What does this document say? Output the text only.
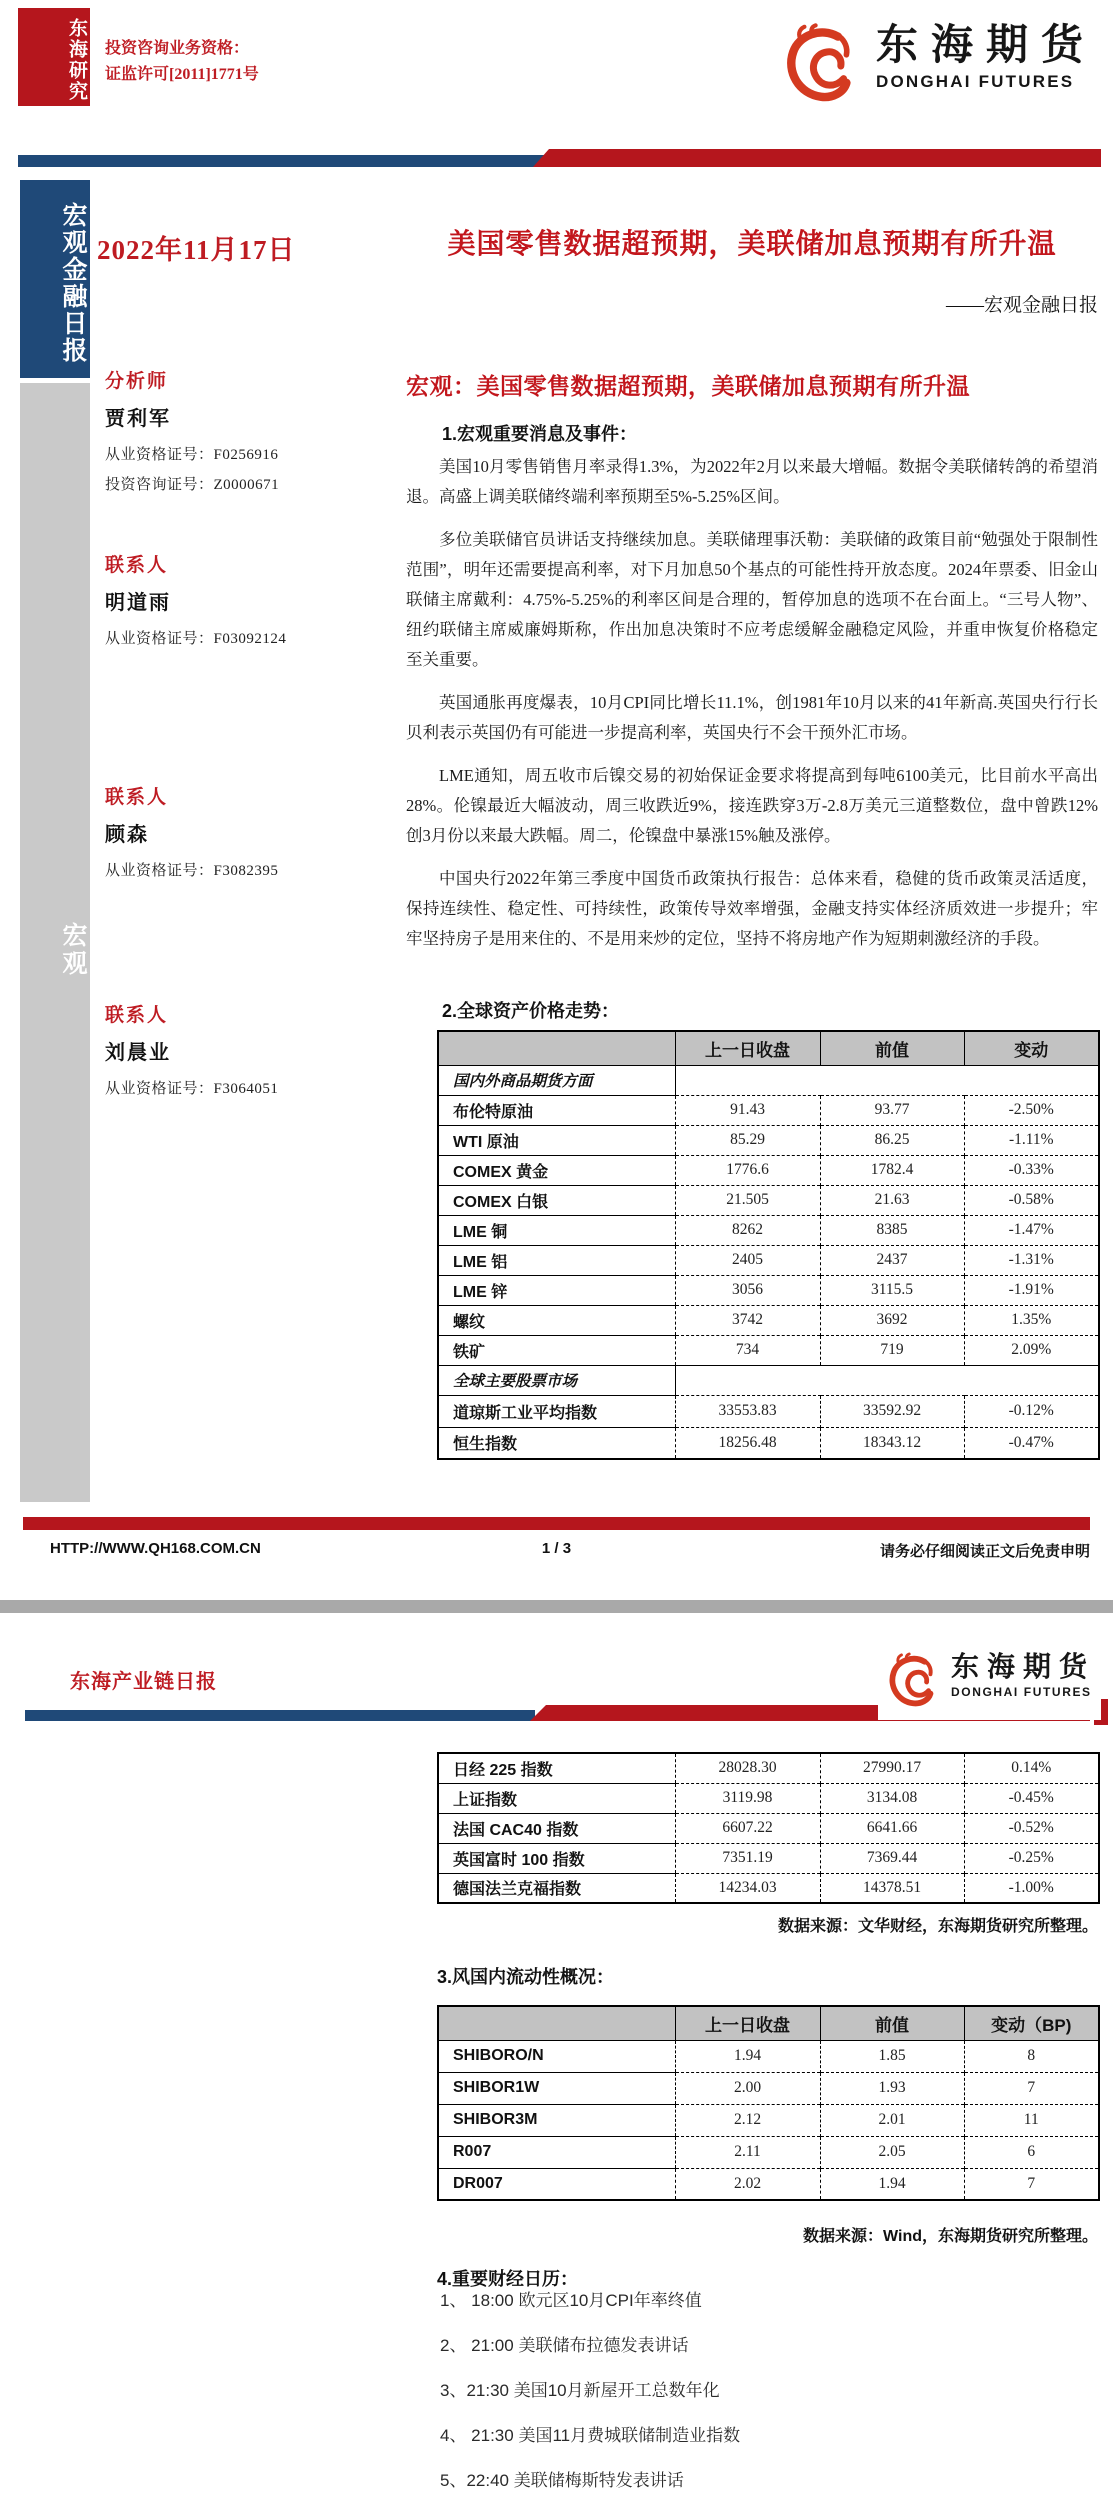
东海研究 投资咨询业务资格：
证监许可[2011]1771号
东海期货
DONGHAI FUTURES
宏观金融日报
宏观
2022年11月17日
分析师
贾利军
从业资格证号：F0256916
投资咨询证号：Z0000671
联系人
明道雨
从业资格证号：F03092124
联系人
顾森
从业资格证号：F3082395
联系人
刘晨业
从业资格证号：F3064051
美国零售数据超预期，美联储加息预期有所升温
——宏观金融日报
宏观：美国零售数据超预期，美联储加息预期有所升温
1.宏观重要消息及事件：

美国10月零售销售月率录得1.3%，为2022年2月以来最大增幅。数据令美联储转鸽的希望消退。高盛上调美联储终端利率预期至5%-5.25%区间。

多位美联储官员讲话支持继续加息。美联储理事沃勒：美联储的政策目前“勉强处于限制性范围”，明年还需要提高利率，对下月加息50个基点的可能性持开放态度。2024年票委、旧金山联储主席戴利：4.75%-5.25%的利率区间是合理的，暂停加息的选项不在台面上。“三号人物”、纽约联储主席威廉姆斯称，作出加息决策时不应考虑缓解金融稳定风险，并重申恢复价格稳定至关重要。

英国通胀再度爆表，10月CPI同比增长11.1%，创1981年10月以来的41年新高.英国央行行长贝利表示英国仍有可能进一步提高利率，英国央行不会干预外汇市场。

LME通知，周五收市后镍交易的初始保证金要求将提高到每吨6100美元，比目前水平高出28%。伦镍最近大幅波动，周三收跌近9%，接连跌穿3万-2.8万美元三道整数位，盘中曾跌12%创3月份以来最大跌幅。周二，伦镍盘中暴涨15%触及涨停。

中国央行2022年第三季度中国货币政策执行报告：总体来看，稳健的货币政策灵活适度，保持连续性、稳定性、可持续性，政策传导效率增强，金融支持实体经济质效进一步提升；牢牢坚持房子是用来住的、不是用来炒的定位，坚持不将房地产作为短期刺激经济的手段。

2.全球资产价格走势：
	上一日收盘	前值	变动
国内外商品期货方面			
布伦特原油	91.43	93.77	-2.50%
WTI 原油	85.29	86.25	-1.11%
COMEX 黄金	1776.6	1782.4	-0.33%
COMEX 白银	21.505	21.63	-0.58%
LME 铜	8262	8385	-1.47%
LME 铝	2405	2437	-1.31%
LME 锌	3056	3115.5	-1.91%
螺纹	3742	3692	1.35%
铁矿	734	719	2.09%
全球主要股票市场			
道琼斯工业平均指数	33553.83	33592.92	-0.12%
恒生指数	18256.48	18343.12	-0.47%
HTTP://WWW.QH168.COM.CN	1 / 3	请务必仔细阅读正文后免责申明
东海产业链日报	东海期货
DONGHAI FUTURES
日经 225 指数	28028.30	27990.17	0.14%
上证指数	3119.98	3134.08	-0.45%
法国 CAC40 指数	6607.22	6641.66	-0.52%
英国富时 100 指数	7351.19	7369.44	-0.25%
德国法兰克福指数	14234.03	14378.51	-1.00%
数据来源：文华财经，东海期货研究所整理。
3.风国内流动性概况：
	上一日收盘	前值	变动（BP)
SHIBORO/N	1.94	1.85	8
SHIBOR1W	2.00	1.93	7
SHIBOR3M	2.12	2.01	11
R007	2.11	2.05	6
DR007	2.02	1.94	7
数据来源：Wind，东海期货研究所整理。
4.重要财经日历：
1、 18:00 欧元区10月CPI年率终值
2、 21:00 美联储布拉德发表讲话
3、21:30 美国10月新屋开工总数年化
4、 21:30 美国11月费城联储制造业指数
5、22:40 美联储梅斯特发表讲话
